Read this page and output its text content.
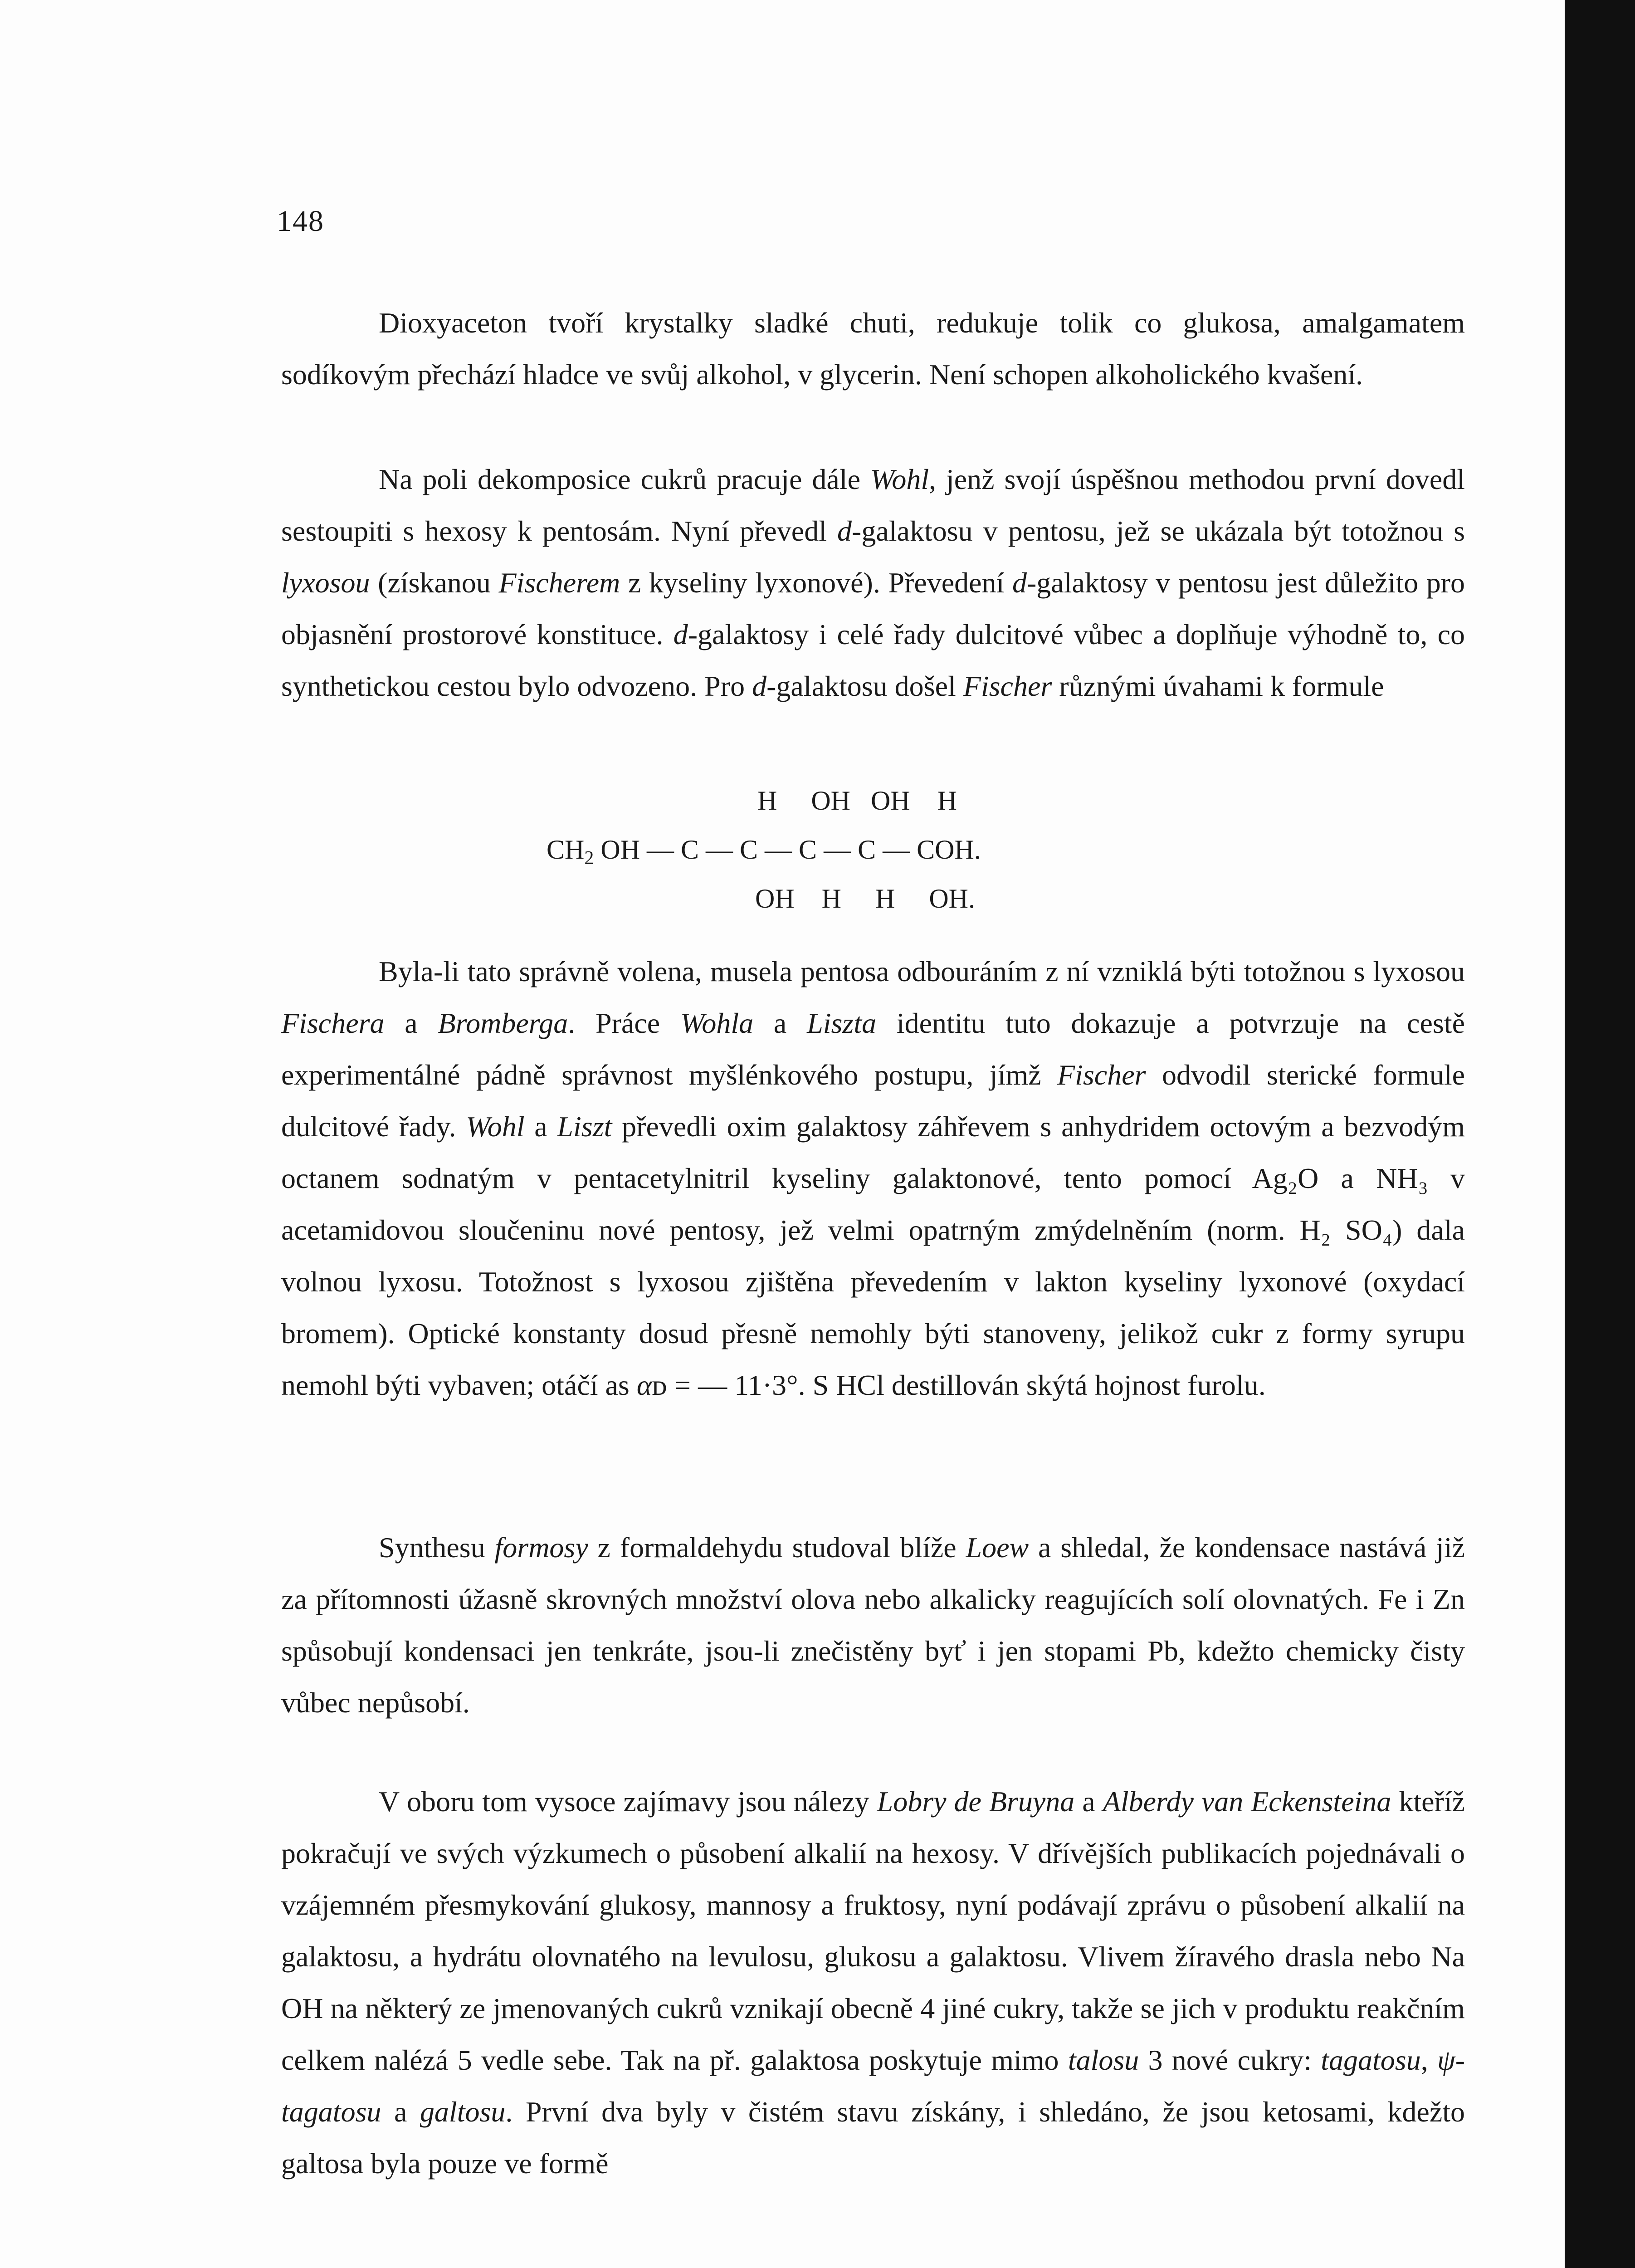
148

Dioxyaceton tvoří krystalky sladké chuti, redukuje tolik co glukosa, amalgamatem sodíkovým přechází hladce ve svůj alkohol, v glycerin. Není schopen alkoholického kvašení.

Na poli dekomposice cukrů pracuje dále Wohl, jenž svojí úspěšnou methodou první dovedl sestoupiti s hexosy k pentosám. Nyní převedl d-galaktosu v pentosu, jež se ukázala být totožnou s lyxosou (získanou Fischerem z kyseliny lyxonové). Převedení d-galaktosy v pentosu jest důležito pro objasnění prostorové konstituce. d-galaktosy i celé řady dulcitové vůbec a doplňuje výhodně to, co synthetickou cestou bylo odvozeno. Pro d-galaktosu došel Fischer různými úvahami k formule

H     OH   OH    H
$CH_2$ OH — C — C — C — C — COH.
OH    H     H     OH.

Byla-li tato správně volena, musela pentosa odbouráním z ní vzniklá býti totožnou s lyxosou Fischera a Bromberga. Práce Wohla a Liszta identitu tuto dokazuje a potvrzuje na cestě experimentálné pádně správnost myšlénkového postupu, jímž Fischer odvodil sterické formule dulcitové řady. Wohl a Liszt převedli oxim galaktosy záhřevem s anhydridem octovým a bezvodým octanem sodnatým v pentacetylnitril kyseliny galaktonové, tento pomocí Ag₂O a NH₃ v acetamidovou sloučeninu nové pentosy, jež velmi opatrným zmýdelněním (norm. H₂ SO₄) dala volnou lyxosu. Totožnost s lyxosou zjištěna převedením v lakton kyseliny lyxonové (oxydací bromem). Optické konstanty dosud přesně nemohly býti stanoveny, jelikož cukr z formy syrupu nemohl býti vybaven; otáčí as αᴅ = — 11·3°. S HCl destillován skýtá hojnost furolu.

Synthesu formosy z formaldehydu studoval blíže Loew a shledal, že kondensace nastává již za přítomnosti úžasně skrovných množství olova nebo alkalicky reagujících solí olovnatých. Fe i Zn spůsobují kondensaci jen tenkráte, jsou-li znečistěny byť i jen stopami Pb, kdežto chemicky čisty vůbec nepůsobí.

V oboru tom vysoce zajímavy jsou nálezy Lobry de Bruyna a Alberdy van Eckensteina kteříž pokračují ve svých výzkumech o působení alkalií na hexosy. V dřívějších publikacích pojednávali o vzájemném přesmykování glukosy, mannosy a fruktosy, nyní podávají zprávu o působení alkalií na galaktosu, a hydrátu olovnatého na levulosu, glukosu a galaktosu. Vlivem žíravého drasla nebo Na OH na některý ze jmenovaných cukrů vznikají obecně 4 jiné cukry, takže se jich v produktu reakčním celkem nalézá 5 vedle sebe. Tak na př. galaktosa poskytuje mimo talosu 3 nové cukry: tagatosu, ψ-tagatosu a galtosu. První dva byly v čistém stavu získány, i shledáno, že jsou ketosami, kdežto galtosa byla pouze ve formě
